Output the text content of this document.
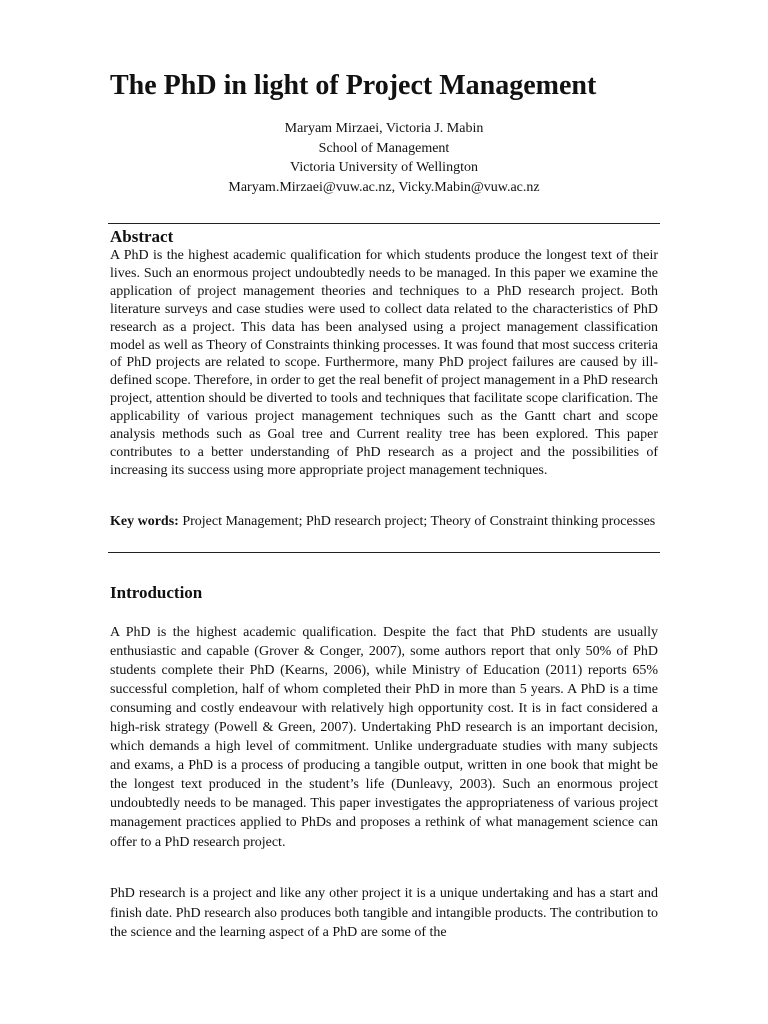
The PhD in light of Project Management
Maryam Mirzaei, Victoria J. Mabin
School of Management
Victoria University of Wellington
Maryam.Mirzaei@vuw.ac.nz, Vicky.Mabin@vuw.ac.nz
Abstract

A PhD is the highest academic qualification for which students produce the longest text of their lives. Such an enormous project undoubtedly needs to be managed. In this paper we examine the application of project management theories and techniques to a PhD research project. Both literature surveys and case studies were used to collect data related to the characteristics of PhD research as a project. This data has been analysed using a project management classification model as well as Theory of Constraints thinking processes. It was found that most success criteria of PhD projects are related to scope. Furthermore, many PhD project failures are caused by ill-defined scope. Therefore, in order to get the real benefit of project management in a PhD research project, attention should be diverted to tools and techniques that facilitate scope clarification. The applicability of various project management techniques such as the Gantt chart and scope analysis methods such as Goal tree and Current reality tree has been explored. This paper contributes to a better understanding of PhD research as a project and the possibilities of increasing its success using more appropriate project management techniques.

Key words: Project Management; PhD research project; Theory of Constraint thinking processes

Introduction

A PhD is the highest academic qualification. Despite the fact that PhD students are usually enthusiastic and capable (Grover & Conger, 2007), some authors report that only 50% of PhD students complete their PhD (Kearns, 2006), while Ministry of Education (2011) reports 65% successful completion, half of whom completed their PhD in more than 5 years. A PhD is a time consuming and costly endeavour with relatively high opportunity cost. It is in fact considered a high-risk strategy (Powell & Green, 2007). Undertaking PhD research is an important decision, which demands a high level of commitment. Unlike undergraduate studies with many subjects and exams, a PhD is a process of producing a tangible output, written in one book that might be the longest text produced in the student’s life (Dunleavy, 2003). Such an enormous project undoubtedly needs to be managed. This paper investigates the appropriateness of various project management practices applied to PhDs and proposes a rethink of what management science can offer to a PhD research project.

PhD research is a project and like any other project it is a unique undertaking and has a start and finish date. PhD research also produces both tangible and intangible products. The contribution to the science and the learning aspect of a PhD are some of the
